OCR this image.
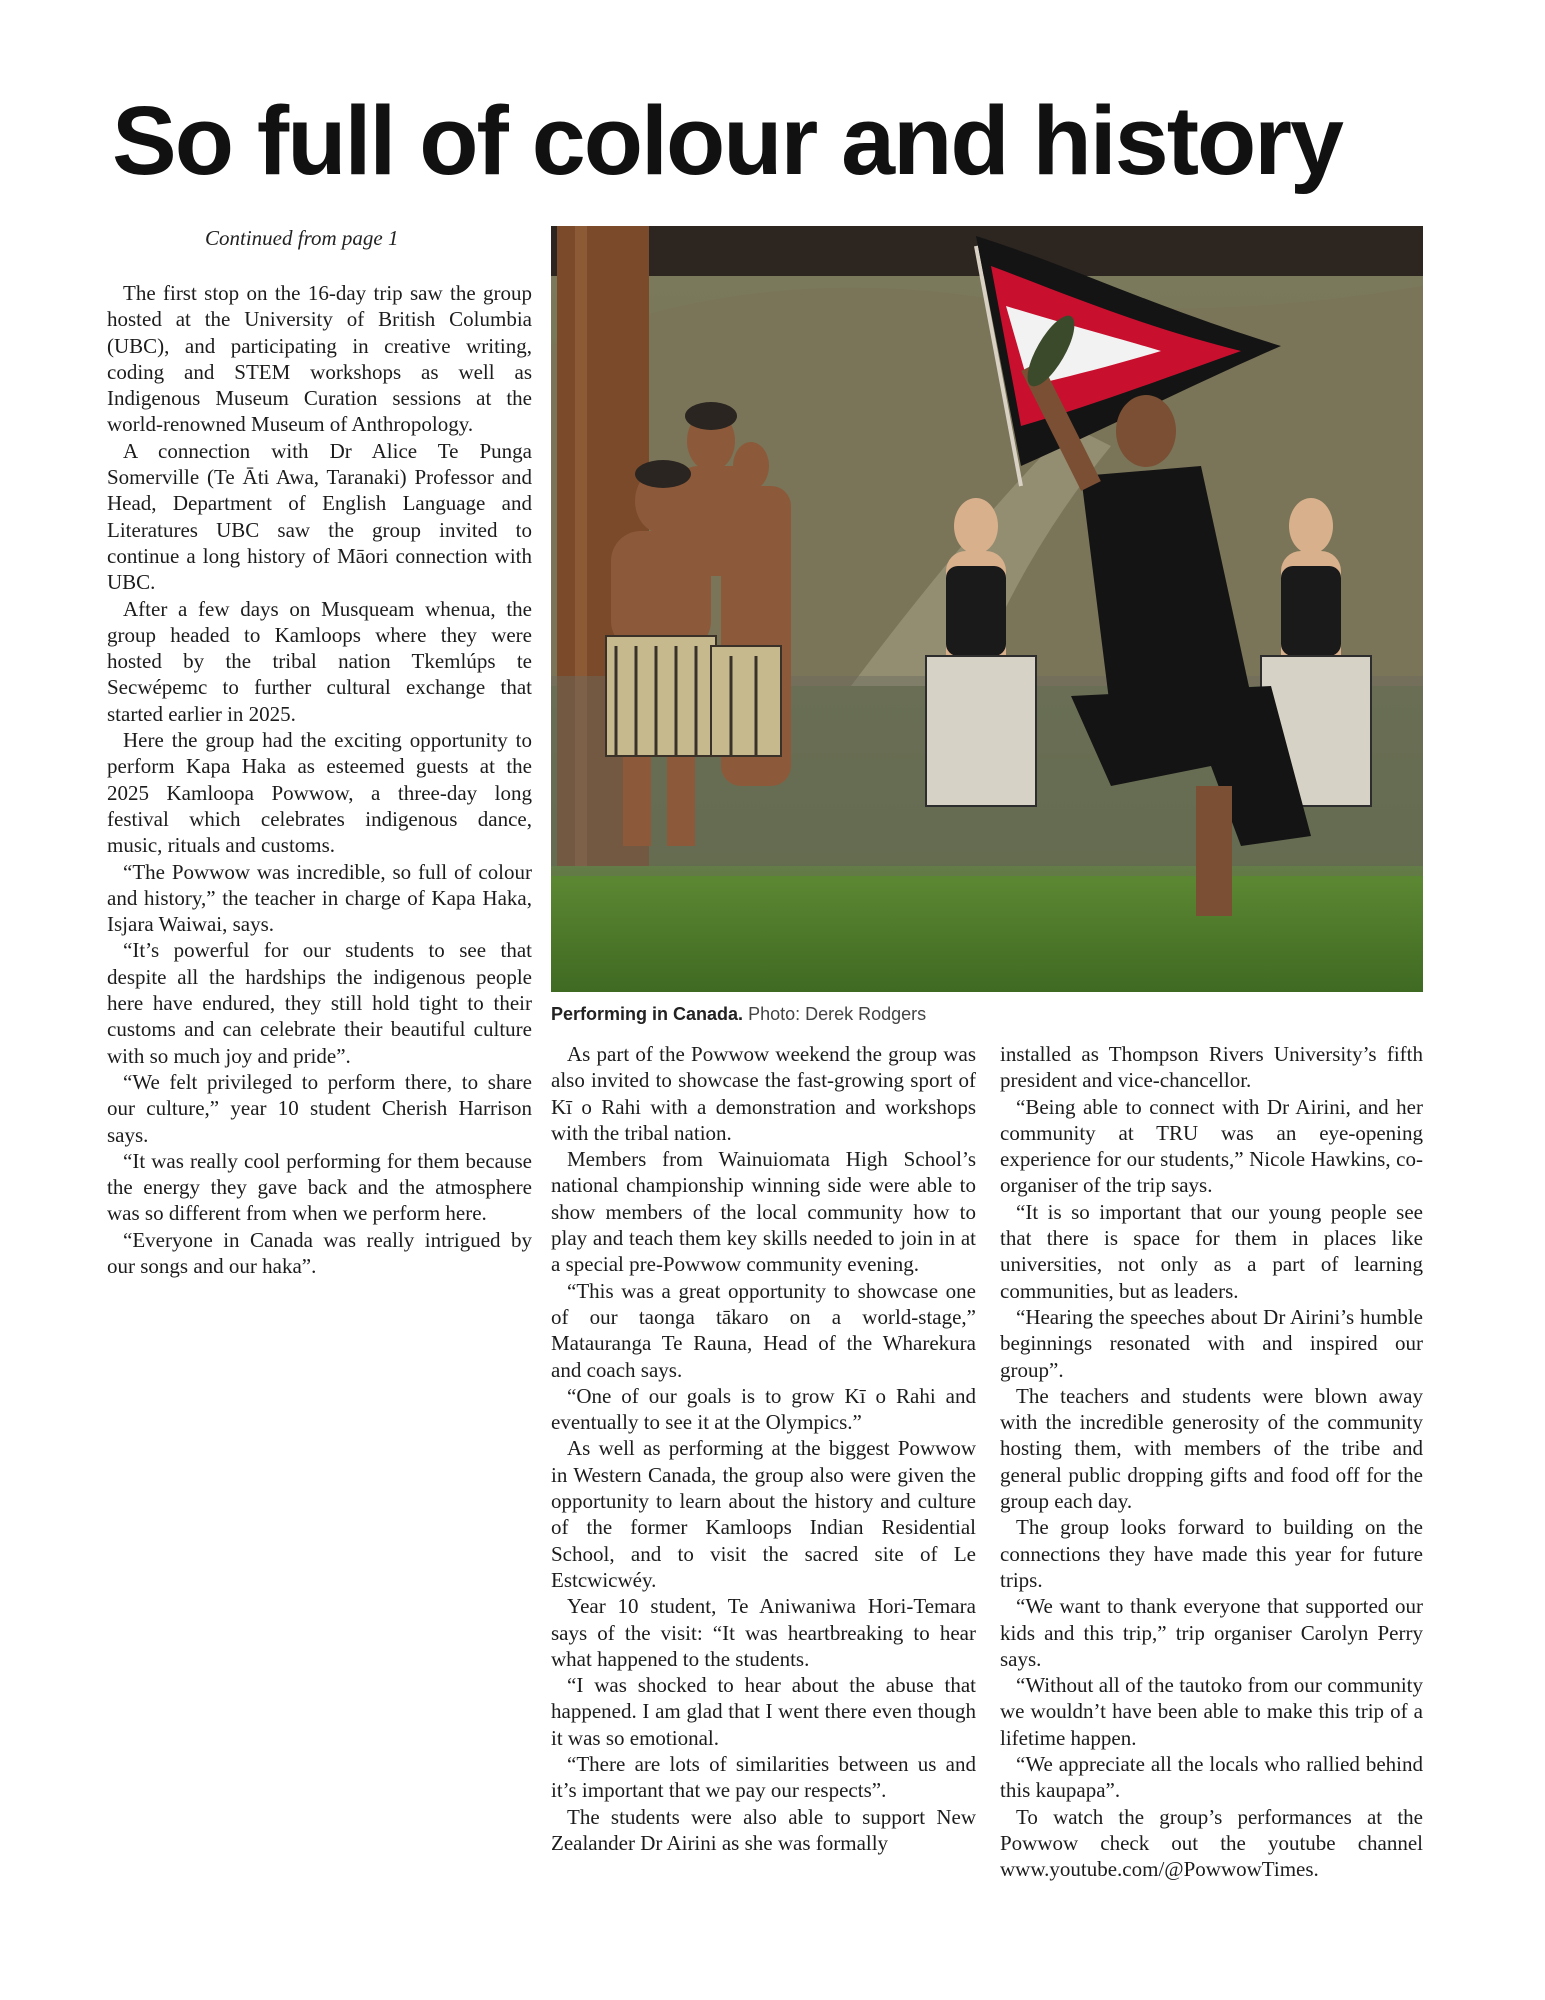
So full of colour and history
Continued from page 1

The first stop on the 16-day trip saw the group hosted at the University of British Columbia (UBC), and participating in creative writing, coding and STEM workshops as well as Indigenous Museum Curation sessions at the world-renowned Museum of Anthropology.

A connection with Dr Alice Te Punga Somerville (Te Āti Awa, Taranaki) Professor and Head, Department of English Language and Literatures UBC saw the group invited to continue a long history of Māori connection with UBC.

After a few days on Musqueam whenua, the group headed to Kamloops where they were hosted by the tribal nation Tkemlúps te Secwépemc to further cultural exchange that started earlier in 2025.

Here the group had the exciting opportunity to perform Kapa Haka as esteemed guests at the 2025 Kamloopa Powwow, a three-day long festival which celebrates indigenous dance, music, rituals and customs.

“The Powwow was incredible, so full of colour and history,” the teacher in charge of Kapa Haka, Isjara Waiwai, says.

“It’s powerful for our students to see that despite all the hardships the indigenous people here have endured, they still hold tight to their customs and can celebrate their beautiful culture with so much joy and pride”.

“We felt privileged to perform there, to share our culture,” year 10 student Cherish Harrison says.

“It was really cool performing for them because the energy they gave back and the atmosphere was so different from when we perform here.

“Everyone in Canada was really intrigued by our songs and our haka”.

Performing in Canada. Photo: Derek Rodgers

As part of the Powwow weekend the group was also invited to showcase the fast-growing sport of Kī o Rahi with a demonstration and workshops with the tribal nation.

Members from Wainuiomata High School’s national championship winning side were able to show members of the local community how to play and teach them key skills needed to join in at a special pre-Powwow community evening.

“This was a great opportunity to showcase one of our taonga tākaro on a world-stage,” Matauranga Te Rauna, Head of the Wharekura and coach says.

“One of our goals is to grow Kī o Rahi and eventually to see it at the Olympics.”

As well as performing at the biggest Powwow in Western Canada, the group also were given the opportunity to learn about the history and culture of the former Kamloops Indian Residential School, and to visit the sacred site of Le Estcwicwéy.

Year 10 student, Te Aniwaniwa Hori-Temara says of the visit: “It was heartbreaking to hear what happened to the students.

“I was shocked to hear about the abuse that happened. I am glad that I went there even though it was so emotional.

“There are lots of similarities between us and it’s important that we pay our respects”.

The students were also able to support New Zealander Dr Airini as she was formally

installed as Thompson Rivers University’s fifth president and vice-chancellor.

“Being able to connect with Dr Airini, and her community at TRU was an eye-opening experience for our students,” Nicole Hawkins, co-organiser of the trip says.

“It is so important that our young people see that there is space for them in places like universities, not only as a part of learning communities, but as leaders.

“Hearing the speeches about Dr Airini’s humble beginnings resonated with and inspired our group”.

The teachers and students were blown away with the incredible generosity of the community hosting them, with members of the tribe and general public dropping gifts and food off for the group each day.

The group looks forward to building on the connections they have made this year for future trips.

“We want to thank everyone that supported our kids and this trip,” trip organiser Carolyn Perry says.

“Without all of the tautoko from our community we wouldn’t have been able to make this trip of a lifetime happen.

“We appreciate all the locals who rallied behind this kaupapa”.

To watch the group’s performances at the Powwow check out the youtube channel www.youtube.com/@PowwowTimes.
